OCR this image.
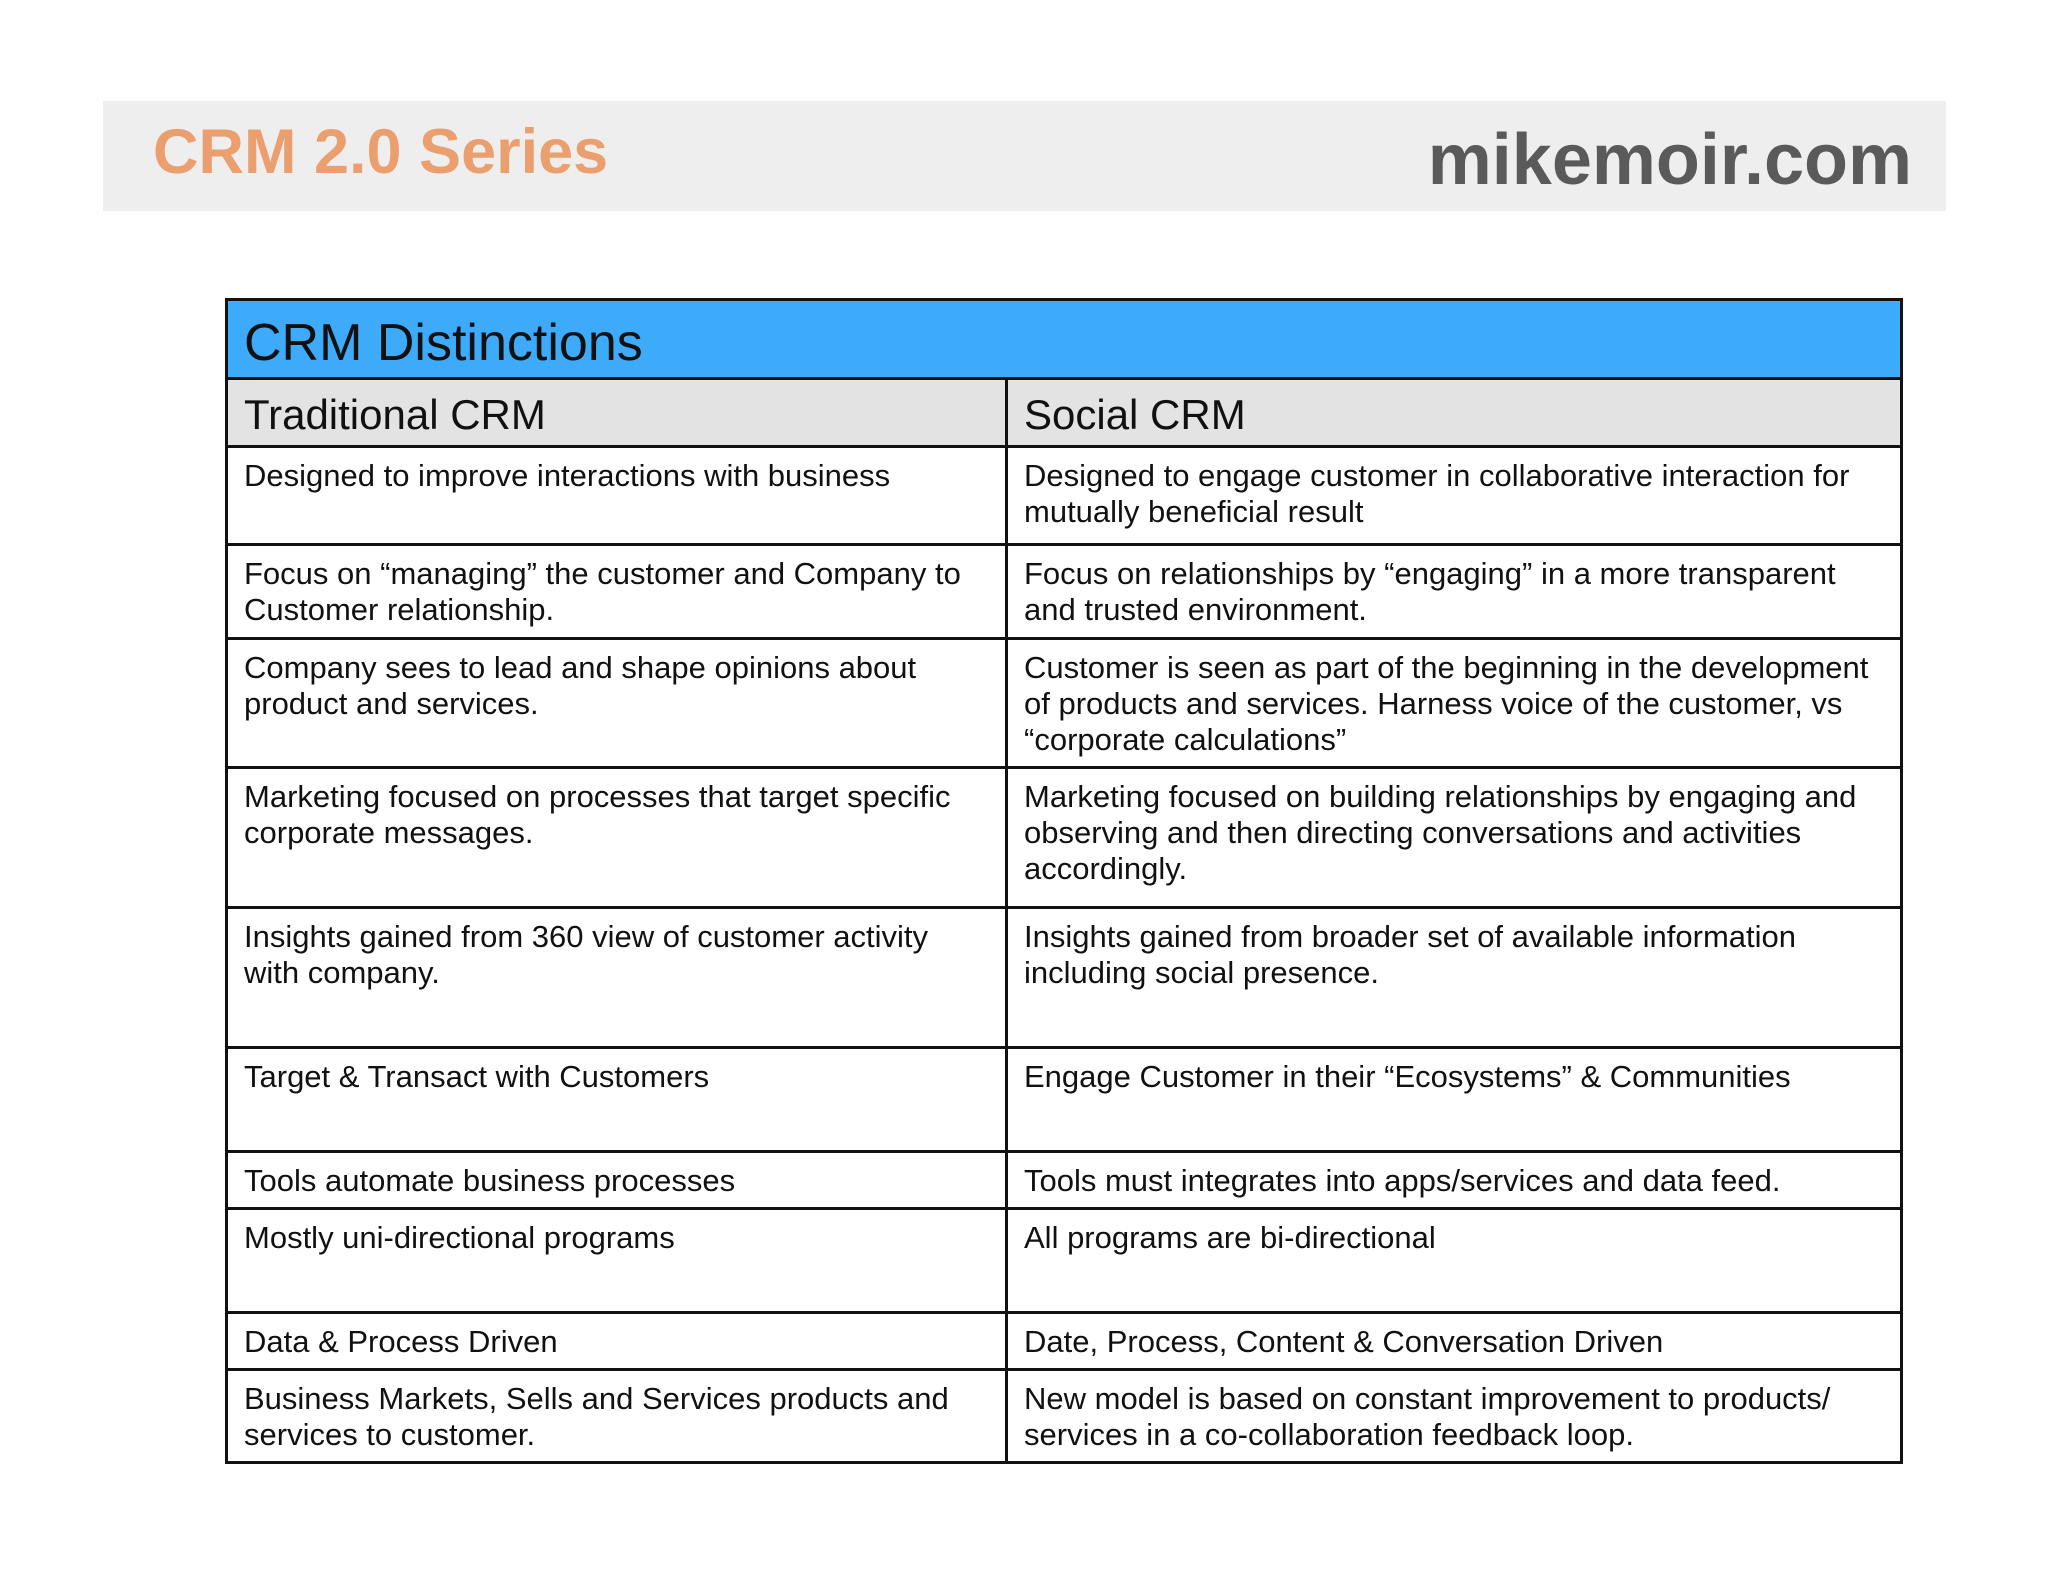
CRM 2.0 Series	mikemoir.com
CRM Distinctions	
Traditional CRM	Social CRM
Designed to improve interactions with business	Designed to engage customer in collaborative interaction for mutually beneficial result
Focus on “managing” the customer and Company to Customer relationship.	Focus on relationships by “engaging” in a more transparent and trusted environment.
Company sees to lead and shape opinions about product and services.	Customer is seen as part of the beginning in the development of products and services. Harness voice of the customer, vs “corporate calculations”
Marketing focused on processes that target specific corporate messages.	Marketing focused on building relationships by engaging and observing and then directing conversations and activities accordingly.
Insights gained from 360 view of customer activity with company.	Insights gained from broader set of available information including social presence.
Target & Transact with Customers	Engage Customer in their “Ecosystems” & Communities
Tools automate business processes	Tools must integrates into apps/services and data feed.
Mostly uni-directional programs	All programs are bi-directional
Data & Process Driven	Date, Process, Content & Conversation Driven
Business Markets, Sells and Services products and services to customer.	New model is based on constant improvement to products/ services in a co-collaboration feedback loop.
